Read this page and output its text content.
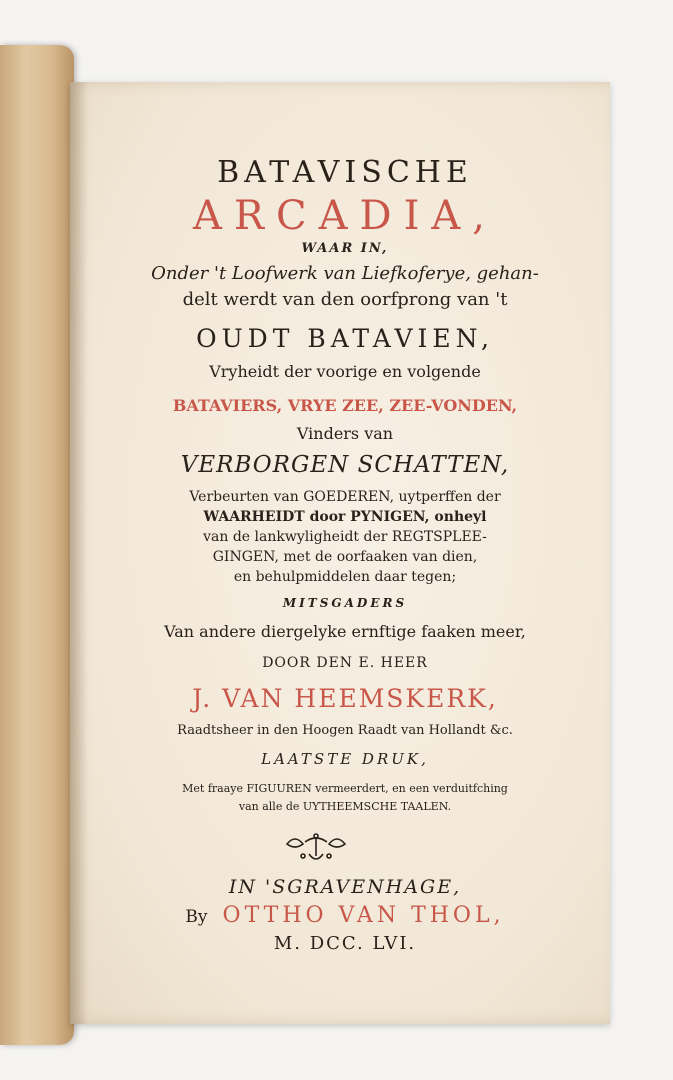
BATAVISCHE
ARCADIA,
WAAR IN,
Onder 't Loofwerk van Liefkoferye, gehan-
delt werdt van den oorfprong van 't
OUDT BATAVIEN,
Vryheidt der voorige en volgende
BATAVIERS, VRYE ZEE, ZEE-VONDEN,
Vinders van
VERBORGEN SCHATTEN,
Verbeurten van GOEDEREN, uytperffen der
WAARHEIDT door PYNIGEN, onheyl
van de lankwyligheidt der REGTSPLEE-
GINGEN, met de oorfaaken van dien,
en behulpmiddelen daar tegen;
MITSGADERS
Van andere diergelyke ernftige faaken meer,
DOOR DEN E. HEER
J. VAN HEEMSKERK,
Raadtsheer in den Hoogen Raadt van Hollandt &c.
LAATSTE DRUK,
Met fraaye FIGUUREN vermeerdert, en een verduitfching
van alle de UYTHEEMSCHE TAALEN.
IN 'SGRAVENHAGE,
By OTTHO VAN THOL,
M. DCC. LVI.
